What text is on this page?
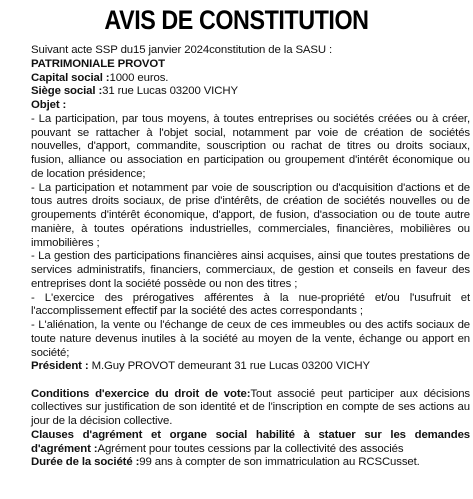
AVIS DE CONSTITUTION

Suivant acte SSP du15 janvier 2024constitution de la SASU :

PATRIMONIALE PROVOT

Capital social :1000 euros.

Siège social :31 rue Lucas 03200 VICHY

Objet :

- La participation, par tous moyens, à toutes entreprises ou sociétés créées ou à créer, pouvant se rattacher à l'objet social, notamment par voie de création de sociétés nouvelles, d'apport, commandite, souscription ou rachat de titres ou droits sociaux, fusion, alliance ou association en participation ou groupement d'intérêt économique ou de location présidence;

- La participation et notamment par voie de souscription ou d'acquisition d'actions et de tous autres droits sociaux, de prise d'intérêts, de création de sociétés nouvelles ou de groupements d'intérêt économique, d'apport, de fusion, d'association ou de toute autre manière, à toutes opérations industrielles, commerciales, financières, mobilières ou immobilières ;

- La gestion des participations financières ainsi acquises, ainsi que toutes prestations de services administratifs, financiers, commerciaux, de gestion et conseils en faveur des entreprises dont la société possède ou non des titres ;

- L'exercice des prérogatives afférentes à la nue-propriété et/ou l'usufruit et l'accomplissement effectif par la société des actes correspondants ;

- L'aliénation, la vente ou l'échange de ceux de ces immeubles ou des actifs sociaux de toute nature devenus inutiles à la société au moyen de la vente, échange ou apport en société;

Président : M.Guy PROVOT demeurant 31 rue Lucas 03200 VICHY

Conditions d'exercice du droit de vote:Tout associé peut participer aux décisions collectives sur justification de son identité et de l'inscription en compte de ses actions au jour de la décision collective.

Clauses d'agrément et organe social habilité à statuer sur les demandes d'agrément :Agrément pour toutes cessions par la collectivité des associés

Durée de la société :99 ans à compter de son immatriculation au RCSCusset.
